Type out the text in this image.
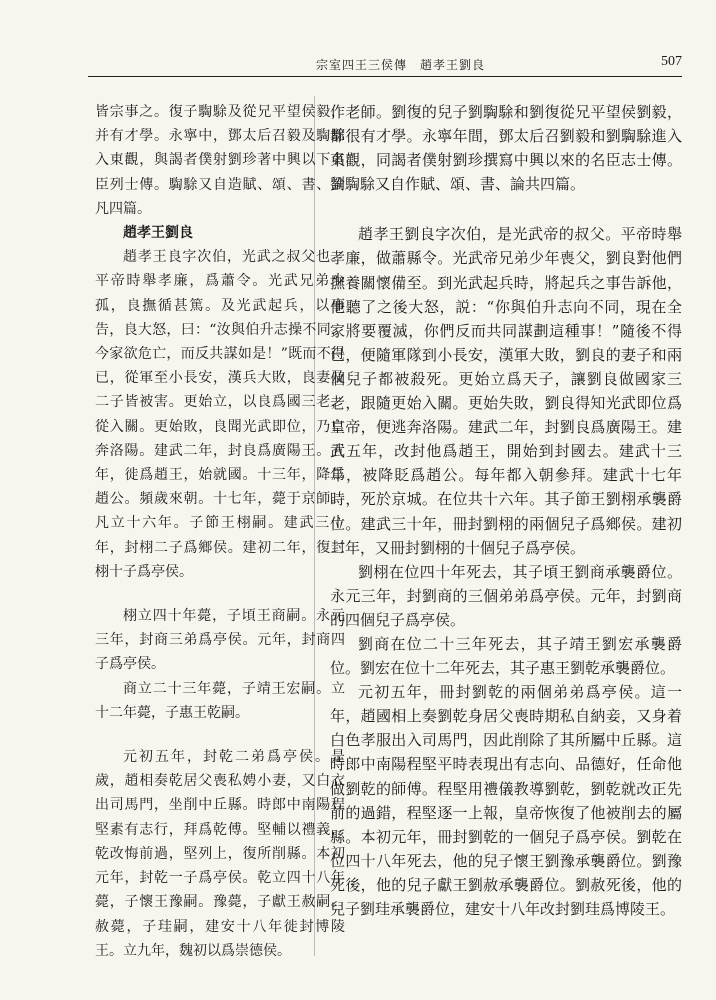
宗室四王三侯傳　趙孝王劉良	507

皆宗事之。復子騊駼及從兄平望侯毅，并有才學。永寧中，鄧太后召毅及騊駼入東觀，與謁者僕射劉珍著中興以下名臣列士傳。騊駼又自造賦、頌、書、論凡四篇。

趙孝王劉良

趙孝王良字次伯，光武之叔父也。平帝時舉孝廉，爲蕭令。光武兄弟少孤，良撫循甚篤。及光武起兵，以事告，良大怒，曰：“汝與伯升志操不同，今家欲危亡，而反共謀如是！”既而不得已，從軍至小長安，漢兵大敗，良妻及二子皆被害。更始立，以良爲國三老，從入關。更始敗，良聞光武即位，乃亡奔洛陽。建武二年，封良爲廣陽王。五年，徙爲趙王，始就國。十三年，降爲趙公。頻歲來朝。十七年，薨于京師。凡立十六年。子節王栩嗣。建武三十年，封栩二子爲鄉侯。建初二年，復封栩十子爲亭侯。

栩立四十年薨，子頃王商嗣。永元三年，封商三弟爲亭侯。元年，封商四子爲亭侯。

商立二十三年薨，子靖王宏嗣。立十二年薨，子惠王乾嗣。

元初五年，封乾二弟爲亭侯。是歲，趙相奏乾居父喪私娉小妻，又白衣出司馬門，坐削中丘縣。時郎中南陽程堅素有志行，拜爲乾傅。堅輔以禮義，乾改悔前過，堅列上，復所削縣。本初元年，封乾一子爲亭侯。乾立四十八年薨，子懷王豫嗣。豫薨，子獻王赦嗣。赦薨，子珪嗣，建安十八年徙封博陵王。立九年，魏初以爲崇德侯。

作老師。劉復的兒子劉騊駼和劉復從兄平望侯劉毅，都很有才學。永寧年間，鄧太后召劉毅和劉騊駼進入東觀，同謁者僕射劉珍撰寫中興以來的名臣志士傳。劉騊駼又自作賦、頌、書、論共四篇。

趙孝王劉良字次伯，是光武帝的叔父。平帝時舉孝廉，做蕭縣令。光武帝兄弟少年喪父，劉良對他們撫養關懷備至。到光武起兵時，將起兵之事告訴他，他聽了之後大怒，説：“你與伯升志向不同，現在全家將要覆滅，你們反而共同謀劃這種事！”隨後不得已，便隨軍隊到小長安，漢軍大敗，劉良的妻子和兩個兒子都被殺死。更始立爲天子，讓劉良做國家三老，跟隨更始入關。更始失敗，劉良得知光武即位爲皇帝，便逃奔洛陽。建武二年，封劉良爲廣陽王。建武五年，改封他爲趙王，開始到封國去。建武十三年，被降貶爲趙公。每年都入朝參拜。建武十七年時，死於京城。在位共十六年。其子節王劉栩承襲爵位。建武三十年，冊封劉栩的兩個兒子爲鄉侯。建初二年，又冊封劉栩的十個兒子爲亭侯。

劉栩在位四十年死去，其子頃王劉商承襲爵位。永元三年，封劉商的三個弟弟爲亭侯。元年，封劉商的四個兒子爲亭侯。

劉商在位二十三年死去，其子靖王劉宏承襲爵位。劉宏在位十二年死去，其子惠王劉乾承襲爵位。

元初五年，冊封劉乾的兩個弟弟爲亭侯。這一年，趙國相上奏劉乾身居父喪時期私自納妾，又身着白色孝服出入司馬門，因此削除了其所屬中丘縣。這時郎中南陽程堅平時表現出有志向、品德好，任命他做劉乾的師傅。程堅用禮儀教導劉乾，劉乾就改正先前的過錯，程堅逐一上報，皇帝恢復了他被削去的屬縣。本初元年，冊封劉乾的一個兒子爲亭侯。劉乾在位四十八年死去，他的兒子懷王劉豫承襲爵位。劉豫死後，他的兒子獻王劉赦承襲爵位。劉赦死後，他的兒子劉珪承襲爵位，建安十八年改封劉珪爲博陵王。
